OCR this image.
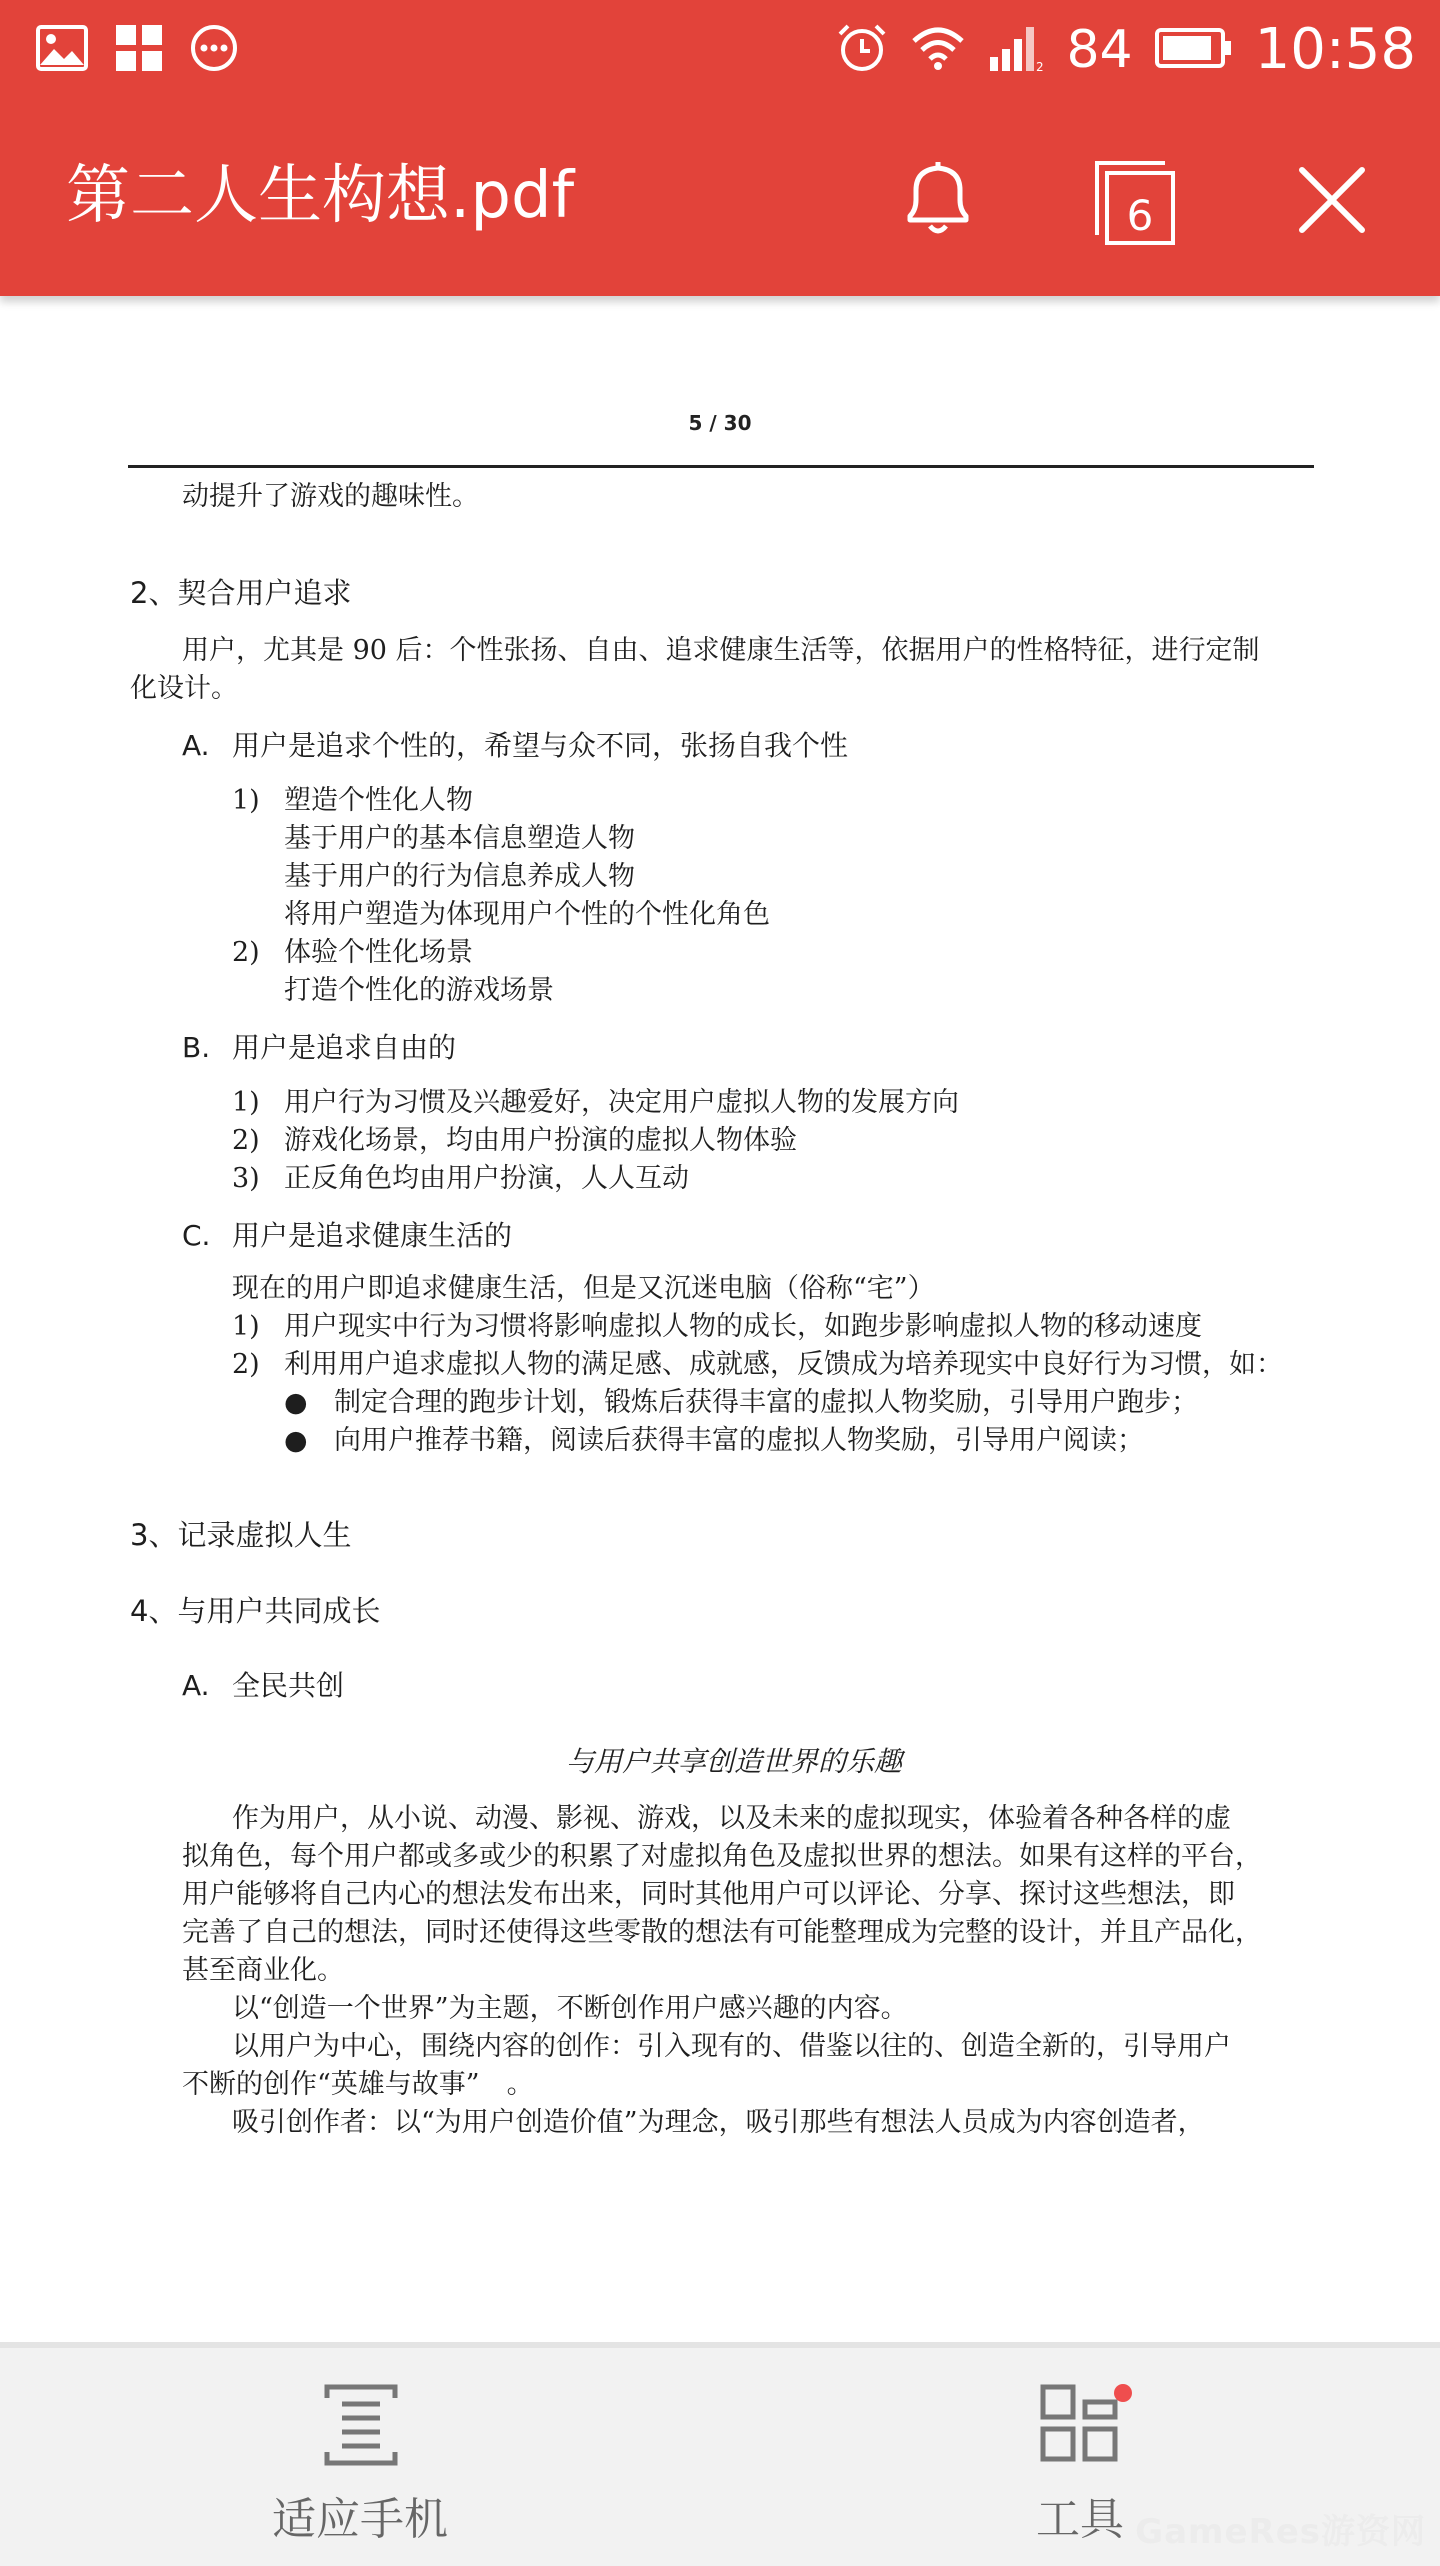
2 84 10:58
第二人生构想.pdf	6
5 / 30
动提升了游戏的趣味性。
2、契合用户追求
用户，尤其是 90 后：个性张扬、自由、追求健康生活等，依据用户的性格特征，进行定制
化设计。
A. 用户是追求个性的，希望与众不同，张扬自我个性
1) 塑造个性化人物
基于用户的基本信息塑造人物
基于用户的行为信息养成人物
将用户塑造为体现用户个性的个性化角色
2) 体验个性化场景
打造个性化的游戏场景
B. 用户是追求自由的
1) 用户行为习惯及兴趣爱好，决定用户虚拟人物的发展方向
2) 游戏化场景，均由用户扮演的虚拟人物体验
3) 正反角色均由用户扮演，人人互动
C. 用户是追求健康生活的
现在的用户即追求健康生活，但是又沉迷电脑（俗称“宅”）
1) 用户现实中行为习惯将影响虚拟人物的成长，如跑步影响虚拟人物的移动速度
2) 利用用户追求虚拟人物的满足感、成就感，反馈成为培养现实中良好行为习惯，如：
● 制定合理的跑步计划，锻炼后获得丰富的虚拟人物奖励，引导用户跑步；
● 向用户推荐书籍，阅读后获得丰富的虚拟人物奖励，引导用户阅读；
3、记录虚拟人生
4、与用户共同成长
A. 全民共创
与用户共享创造世界的乐趣
作为用户，从小说、动漫、影视、游戏，以及未来的虚拟现实，体验着各种各样的虚
拟角色，每个用户都或多或少的积累了对虚拟角色及虚拟世界的想法。如果有这样的平台，
用户能够将自己内心的想法发布出来，同时其他用户可以评论、分享、探讨这些想法，即
完善了自己的想法，同时还使得这些零散的想法有可能整理成为完整的设计，并且产品化，
甚至商业化。
以“创造一个世界”为主题，不断创作用户感兴趣的内容。
以用户为中心，围绕内容的创作：引入现有的、借鉴以往的、创造全新的，引导用户
不断的创作“英雄与故事”　。
吸引创作者：以“为用户创造价值”为理念，吸引那些有想法人员成为内容创造者，
适应手机	工具 GameRes游资网
